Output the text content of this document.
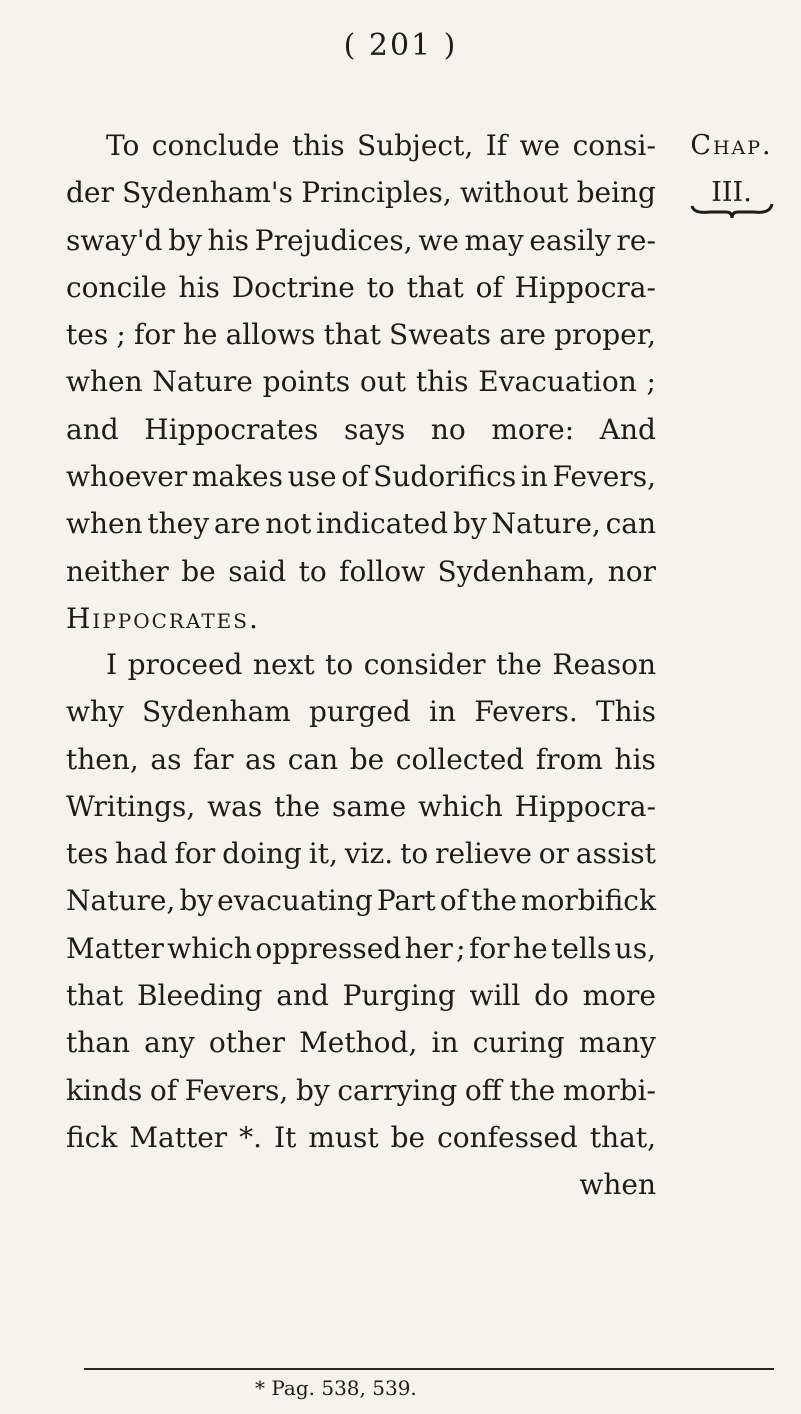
( 201 )
Chap.
III.
To conclude this Subject, If we consi-
der Sydenham's Principles, without being
sway'd by his Prejudices, we may easily re-
concile his Doctrine to that of Hippocra-
tes ; for he allows that Sweats are proper,
when Nature points out this Evacuation ;
and Hippocrates says no more: And
whoever makes use of Sudorifics in Fevers,
when they are not indicated by Nature, can
neither be said to follow Sydenham, nor
Hippocrates.
I proceed next to consider the Reason
why Sydenham purged in Fevers. This
then, as far as can be collected from his
Writings, was the same which Hippocra-
tes had for doing it, viz. to relieve or assist
Nature, by evacuating Part of the morbifick
Matter which oppressed her ; for he tells us,
that Bleeding and Purging will do more
than any other Method, in curing many
kinds of Fevers, by carrying off the morbi-
fick Matter *. It must be confessed that,
when
* Pag. 538, 539.
